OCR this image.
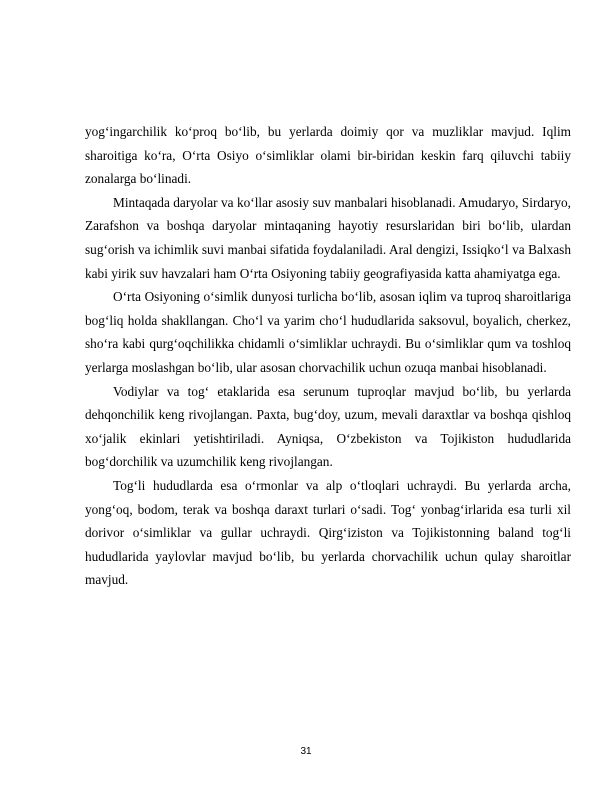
yog‘ingarchilik ko‘proq bo‘lib, bu yerlarda doimiy qor va muzliklar mavjud. Iqlim sharoitiga ko‘ra, O‘rta Osiyo o‘simliklar olami bir-biridan keskin farq qiluvchi tabiiy zonalarga bo‘linadi.

Mintaqada daryolar va ko‘llar asosiy suv manbalari hisoblanadi. Amudaryo, Sirdaryo, Zarafshon va boshqa daryolar mintaqaning hayotiy resurslaridan biri bo‘lib, ulardan sug‘orish va ichimlik suvi manbai sifatida foydalaniladi. Aral dengizi, Issiqko‘l va Balxash kabi yirik suv havzalari ham O‘rta Osiyoning tabiiy geografiyasida katta ahamiyatga ega.

O‘rta Osiyoning o‘simlik dunyosi turlicha bo‘lib, asosan iqlim va tuproq sharoitlariga bog‘liq holda shakllangan. Cho‘l va yarim cho‘l hududlarida saksovul, boyalich, cherkez, sho‘ra kabi qurg‘oqchilikka chidamli o‘simliklar uchraydi. Bu o‘simliklar qum va toshloq yerlarga moslashgan bo‘lib, ular asosan chorvachilik uchun ozuqa manbai hisoblanadi.

Vodiylar va tog‘ etaklarida esa serunum tuproqlar mavjud bo‘lib, bu yerlarda dehqonchilik keng rivojlangan. Paxta, bug‘doy, uzum, mevali daraxtlar va boshqa qishloq xo‘jalik ekinlari yetishtiriladi. Ayniqsa, O‘zbekiston va Tojikiston hududlarida bog‘dorchilik va uzumchilik keng rivojlangan.

Tog‘li hududlarda esa o‘rmonlar va alp o‘tloqlari uchraydi. Bu yerlarda archa, yong‘oq, bodom, terak va boshqa daraxt turlari o‘sadi. Tog‘ yonbag‘irlarida esa turli xil dorivor o‘simliklar va gullar uchraydi. Qirg‘iziston va Tojikistonning baland tog‘li hududlarida yaylovlar mavjud bo‘lib, bu yerlarda chorvachilik uchun qulay sharoitlar mavjud.

31
